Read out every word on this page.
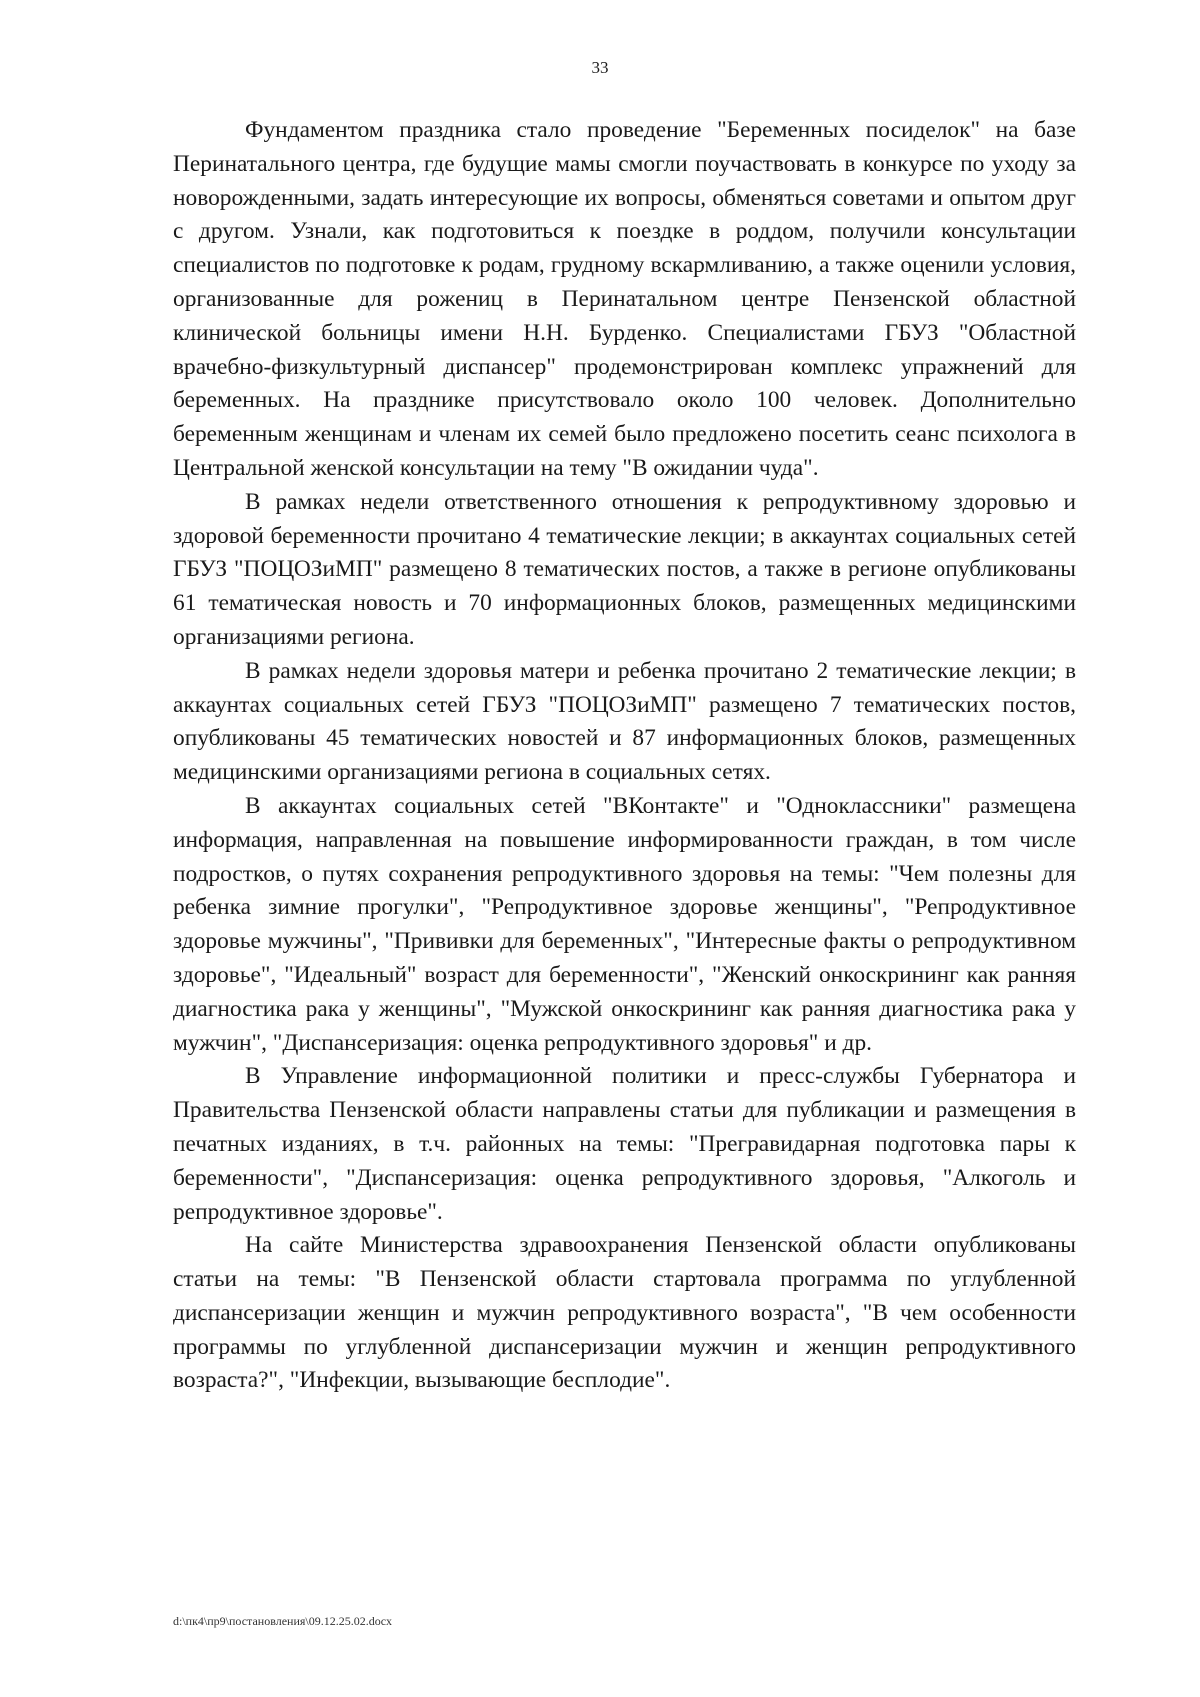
33

Фундаментом праздника стало проведение "Беременных посиделок" на базе Перинатального центра, где будущие мамы смогли поучаствовать в конкурсе по уходу за новорожденными, задать интересующие их вопросы, обменяться советами и опытом друг с другом. Узнали, как подготовиться к поездке в роддом, получили консультации специалистов по подготовке к родам, грудному вскармливанию, а также оценили условия, организованные для рожениц в Перинатальном центре Пензенской областной клинической больницы имени Н.Н. Бурденко. Специалистами ГБУЗ "Областной врачебно-физкультурный диспансер" продемонстрирован комплекс упражнений для беременных. На празднике присутствовало около 100 человек. Дополнительно беременным женщинам и членам их семей было предложено посетить сеанс психолога в Центральной женской консультации на тему "В ожидании чуда".

В рамках недели ответственного отношения к репродуктивному здоровью и здоровой беременности прочитано 4 тематические лекции; в аккаунтах социальных сетей ГБУЗ "ПОЦОЗиМП" размещено 8 тематических постов, а также в регионе опубликованы 61 тематическая новость и 70 информационных блоков, размещенных медицинскими организациями региона.

В рамках недели здоровья матери и ребенка прочитано 2 тематические лекции; в аккаунтах социальных сетей ГБУЗ "ПОЦОЗиМП" размещено 7 тематических постов, опубликованы 45 тематических новостей и 87 информационных блоков, размещенных медицинскими организациями региона в социальных сетях.

В аккаунтах социальных сетей "ВКонтакте" и "Одноклассники" размещена информация, направленная на повышение информированности граждан, в том числе подростков, о путях сохранения репродуктивного здоровья на темы: "Чем полезны для ребенка зимние прогулки", "Репродуктивное здоровье женщины", "Репродуктивное здоровье мужчины", "Прививки для беременных", "Интересные факты о репродуктивном здоровье", "Идеальный" возраст для беременности", "Женский онкоскрининг как ранняя диагностика рака у женщины", "Мужской онкоскрининг как ранняя диагностика рака у мужчин", "Диспансеризация: оценка репродуктивного здоровья" и др.

В Управление информационной политики и пресс-службы Губернатора и Правительства Пензенской области направлены статьи для публикации и размещения в печатных изданиях, в т.ч. районных на темы: "Прегравидарная подготовка пары к беременности", "Диспансеризация: оценка репродуктивного здоровья, "Алкоголь и репродуктивное здоровье".

На сайте Министерства здравоохранения Пензенской области опубликованы статьи на темы: "В Пензенской области стартовала программа по углубленной диспансеризации женщин и мужчин репродуктивного возраста", "В чем особенности программы по углубленной диспансеризации мужчин и женщин репродуктивного возраста?", "Инфекции, вызывающие бесплодие".

d:\пк4\пр9\постановления\09.12.25.02.docx
